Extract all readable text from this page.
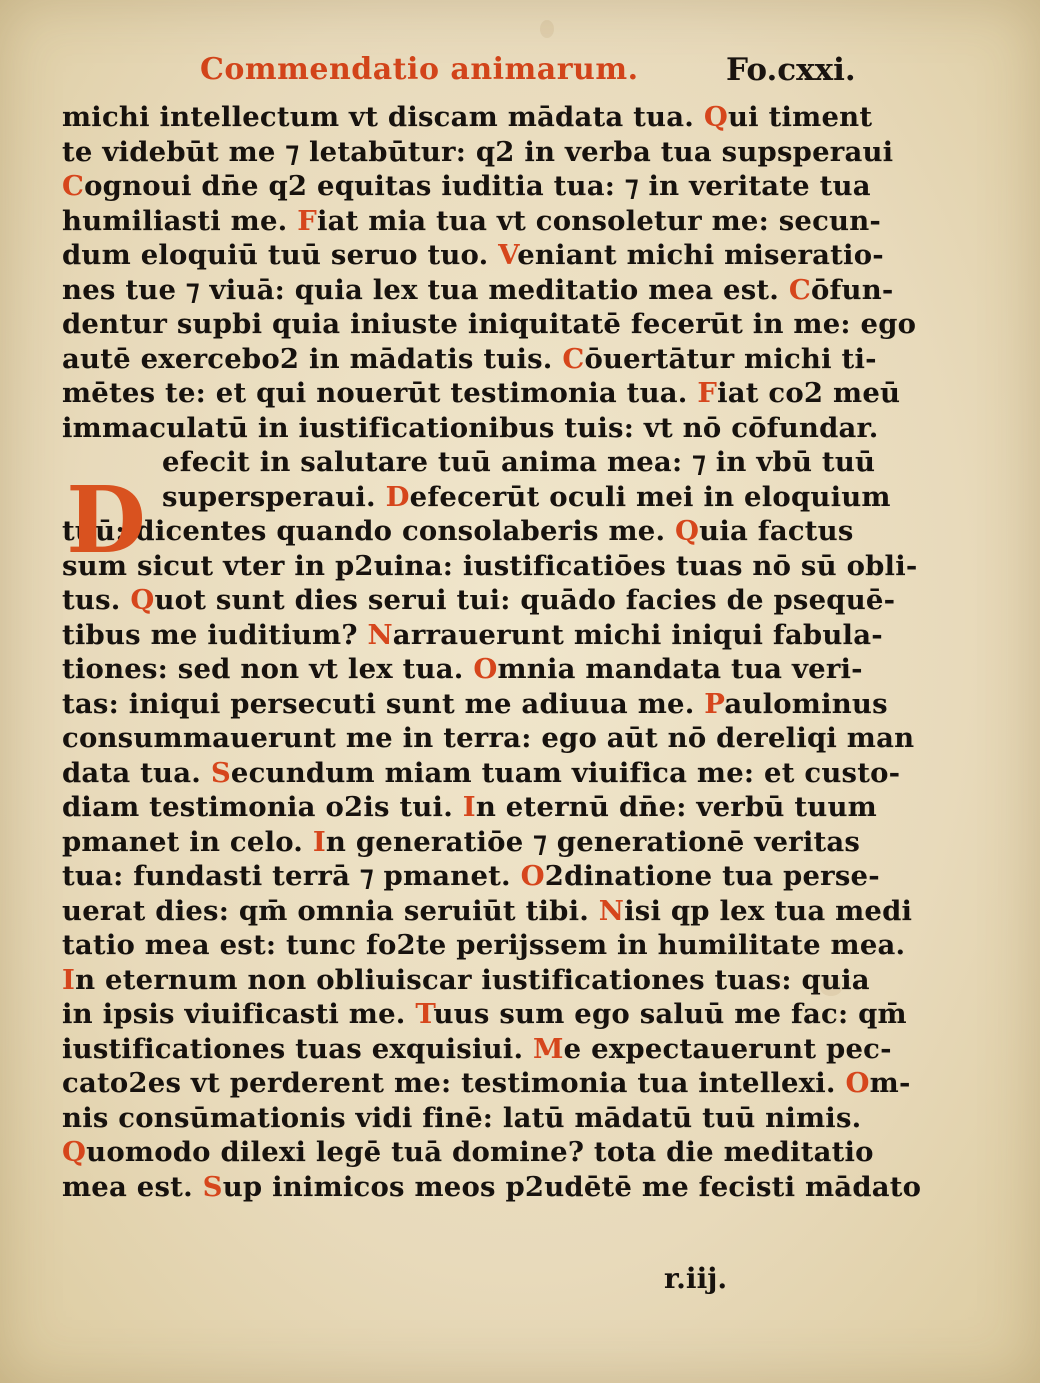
Commendatio animarum.	Fo.cxxi.
michi intellectum vt discam mādata tua. Qui timent
te videbūt me ⁊ letabūtur: q2 in verba tua supsperaui
Cognoui dn̄e q2 equitas iuditia tua: ⁊ in veritate tua
humiliasti me. Fiat mia tua vt consoletur me: secun-
dum eloquiū tuū seruo tuo. Veniant michi miseratio-
nes tue ⁊ viuā: quia lex tua meditatio mea est. Cōfun-
dentur supbi quia iniuste iniquitatē fecerūt in me: ego
autē exercebo2 in mādatis tuis. Cōuertātur michi ti-
mētes te: et qui nouerūt testimonia tua. Fiat co2 meū
immaculatū in iustificationibus tuis: vt nō cōfundar.
efecit in salutare tuū anima mea: ⁊ in vbū tuū
supersperaui. Defecerūt oculi mei in eloquium
tuū: dicentes quando consolaberis me. Quia factus
sum sicut vter in p2uina: iustificatiōes tuas nō sū obli-
tus. Quot sunt dies serui tui: quādo facies de psequē-
tibus me iuditium? Narrauerunt michi iniqui fabula-
tiones: sed non vt lex tua. Omnia mandata tua veri-
tas: iniqui persecuti sunt me adiuua me. Paulominus
consummauerunt me in terra: ego aūt nō dereliqi man
data tua. Secundum miam tuam viuifica me: et custo-
diam testimonia o2is tui. In eternū dn̄e: verbū tuum
pmanet in celo. In generatiōe ⁊ generationē veritas
tua: fundasti terrā ⁊ pmanet. O2dinatione tua perse-
uerat dies: qm̄ omnia seruiūt tibi. Nisi qp lex tua medi
tatio mea est: tunc fo2te perijssem in humilitate mea.
In eternum non obliuiscar iustificationes tuas: quia
in ipsis viuificasti me. Tuus sum ego saluū me fac: qm̄
iustificationes tuas exquisiui. Me expectauerunt pec-
cato2es vt perderent me: testimonia tua intellexi. Om-
nis consūmationis vidi finē: latū mādatū tuū nimis.
Quomodo dilexi legē tuā domine? tota die meditatio
mea est. Sup inimicos meos p2udētē me fecisti mādato
D
r.iij.
